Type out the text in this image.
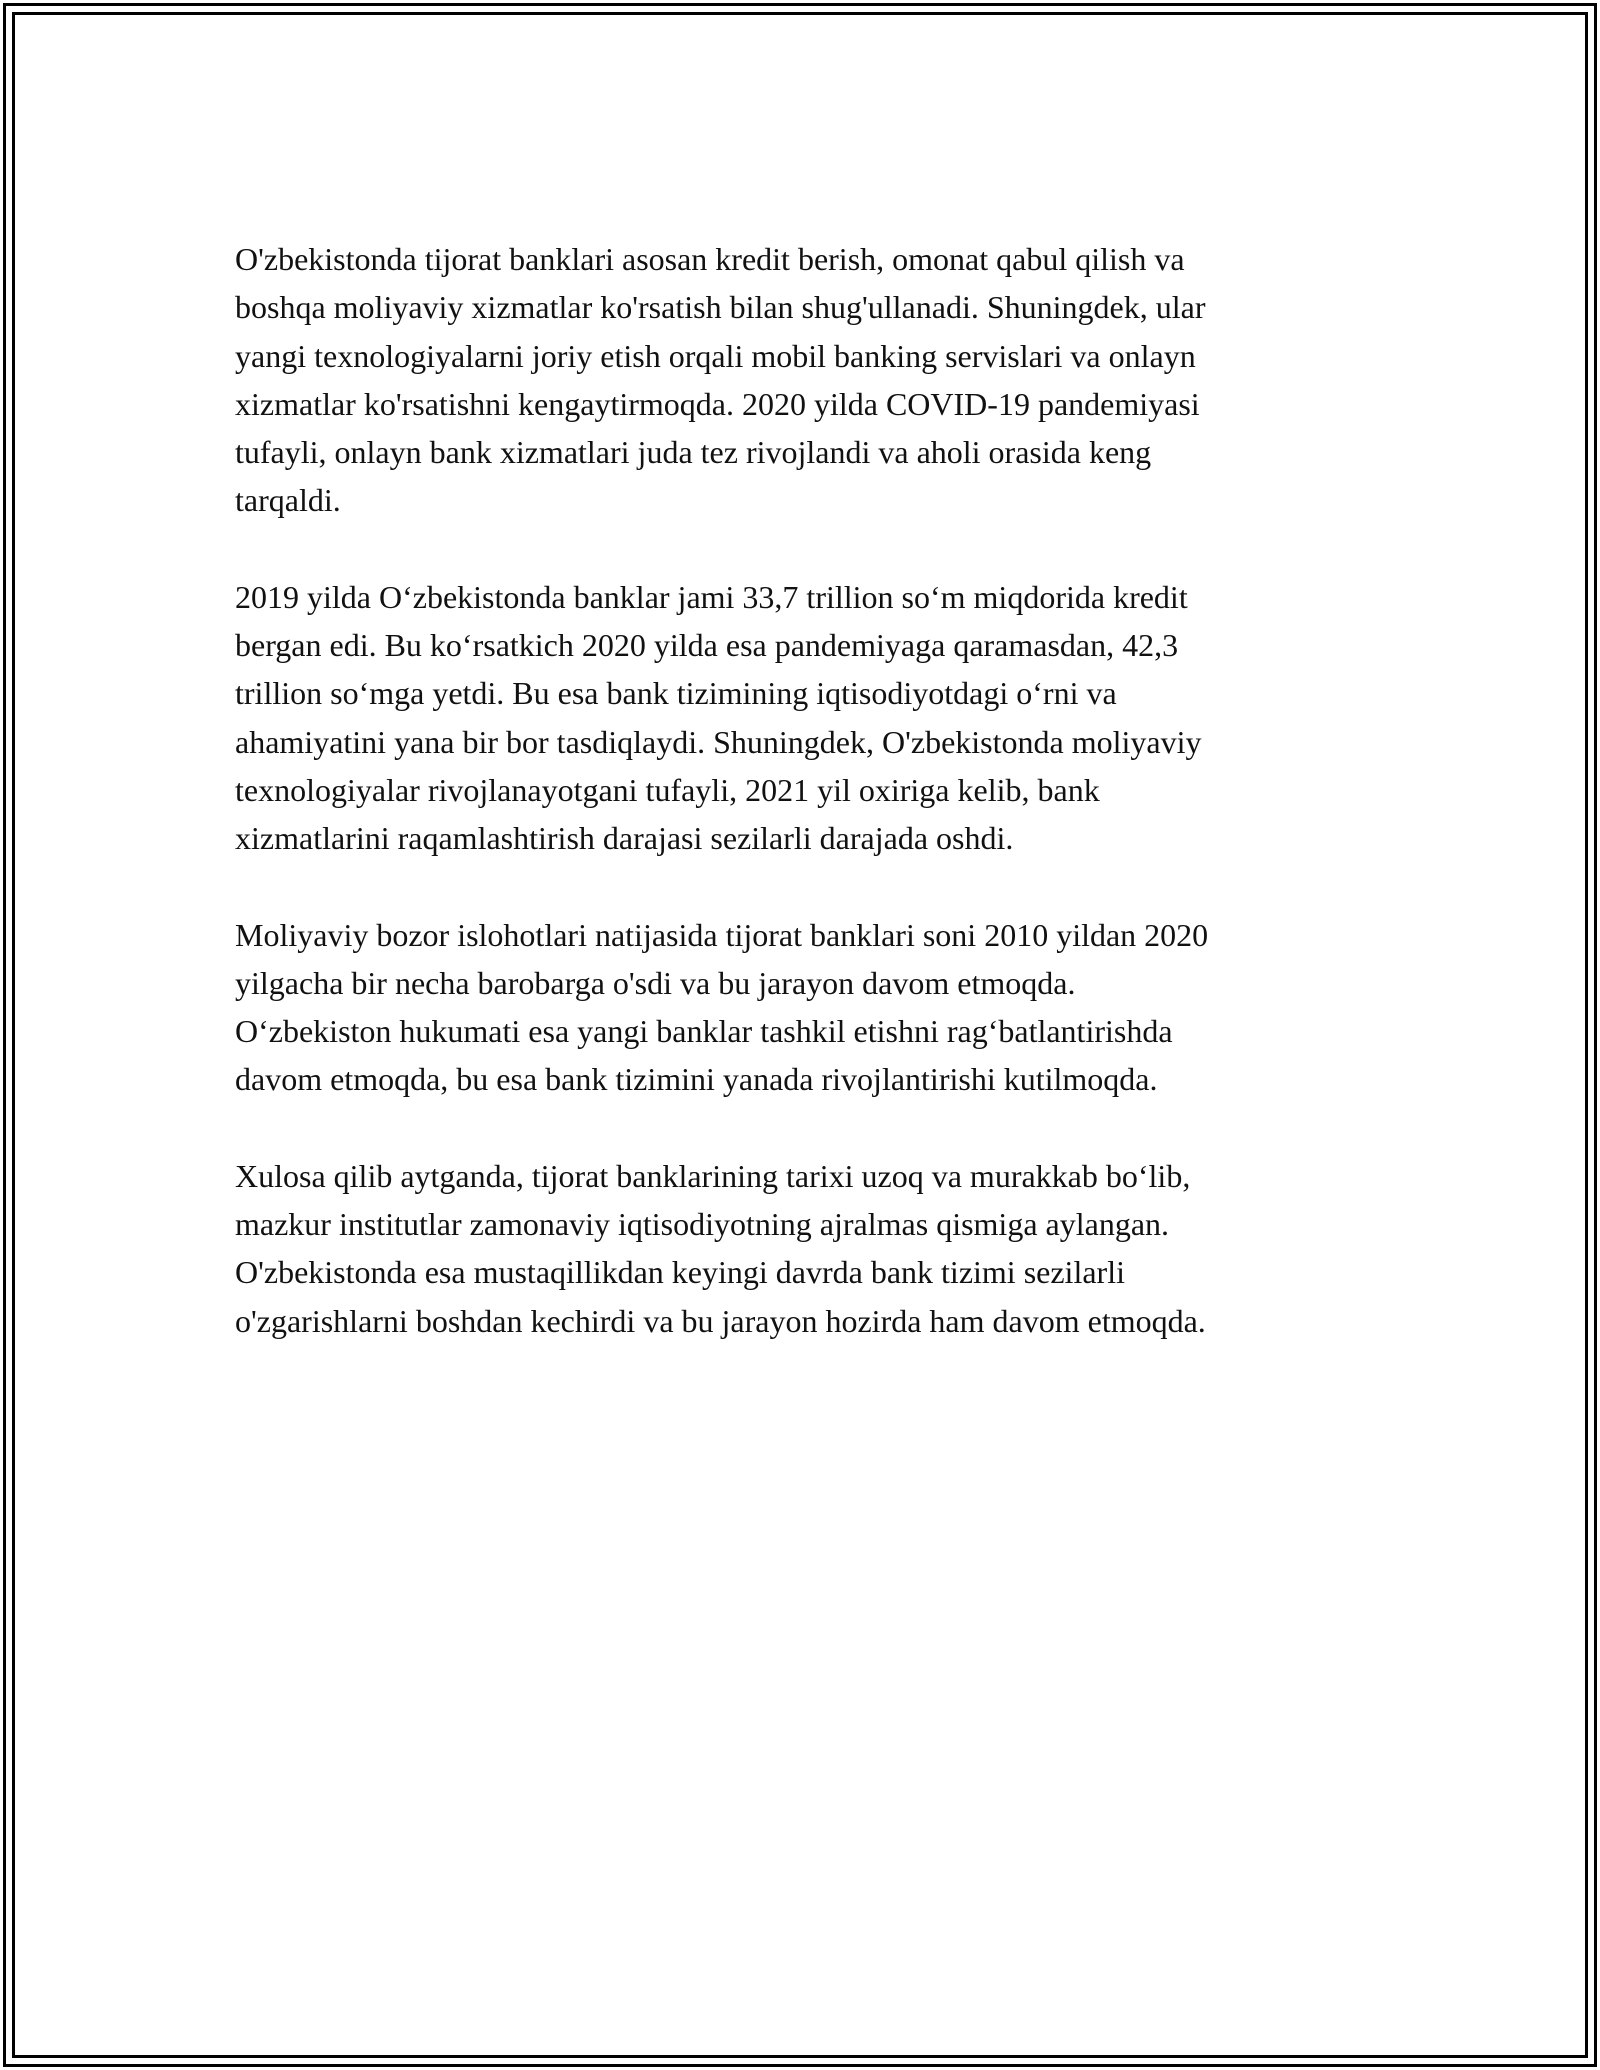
O'zbekistonda tijorat banklari asosan kredit berish, omonat qabul qilish va
boshqa moliyaviy xizmatlar ko'rsatish bilan shug'ullanadi. Shuningdek, ular
yangi texnologiyalarni joriy etish orqali mobil banking servislari va onlayn
xizmatlar ko'rsatishni kengaytirmoqda. 2020 yilda COVID-19 pandemiyasi
tufayli, onlayn bank xizmatlari juda tez rivojlandi va aholi orasida keng
tarqaldi.

2019 yilda O‘zbekistonda banklar jami 33,7 trillion so‘m miqdorida kredit
bergan edi. Bu ko‘rsatkich 2020 yilda esa pandemiyaga qaramasdan, 42,3
trillion so‘mga yetdi. Bu esa bank tizimining iqtisodiyotdagi o‘rni va
ahamiyatini yana bir bor tasdiqlaydi. Shuningdek, O'zbekistonda moliyaviy
texnologiyalar rivojlanayotgani tufayli, 2021 yil oxiriga kelib, bank
xizmatlarini raqamlashtirish darajasi sezilarli darajada oshdi.

Moliyaviy bozor islohotlari natijasida tijorat banklari soni 2010 yildan 2020
yilgacha bir necha barobarga o'sdi va bu jarayon davom etmoqda.
O‘zbekiston hukumati esa yangi banklar tashkil etishni rag‘batlantirishda
davom etmoqda, bu esa bank tizimini yanada rivojlantirishi kutilmoqda.

Xulosa qilib aytganda, tijorat banklarining tarixi uzoq va murakkab bo‘lib,
mazkur institutlar zamonaviy iqtisodiyotning ajralmas qismiga aylangan.
O'zbekistonda esa mustaqillikdan keyingi davrda bank tizimi sezilarli
o'zgarishlarni boshdan kechirdi va bu jarayon hozirda ham davom etmoqda.
